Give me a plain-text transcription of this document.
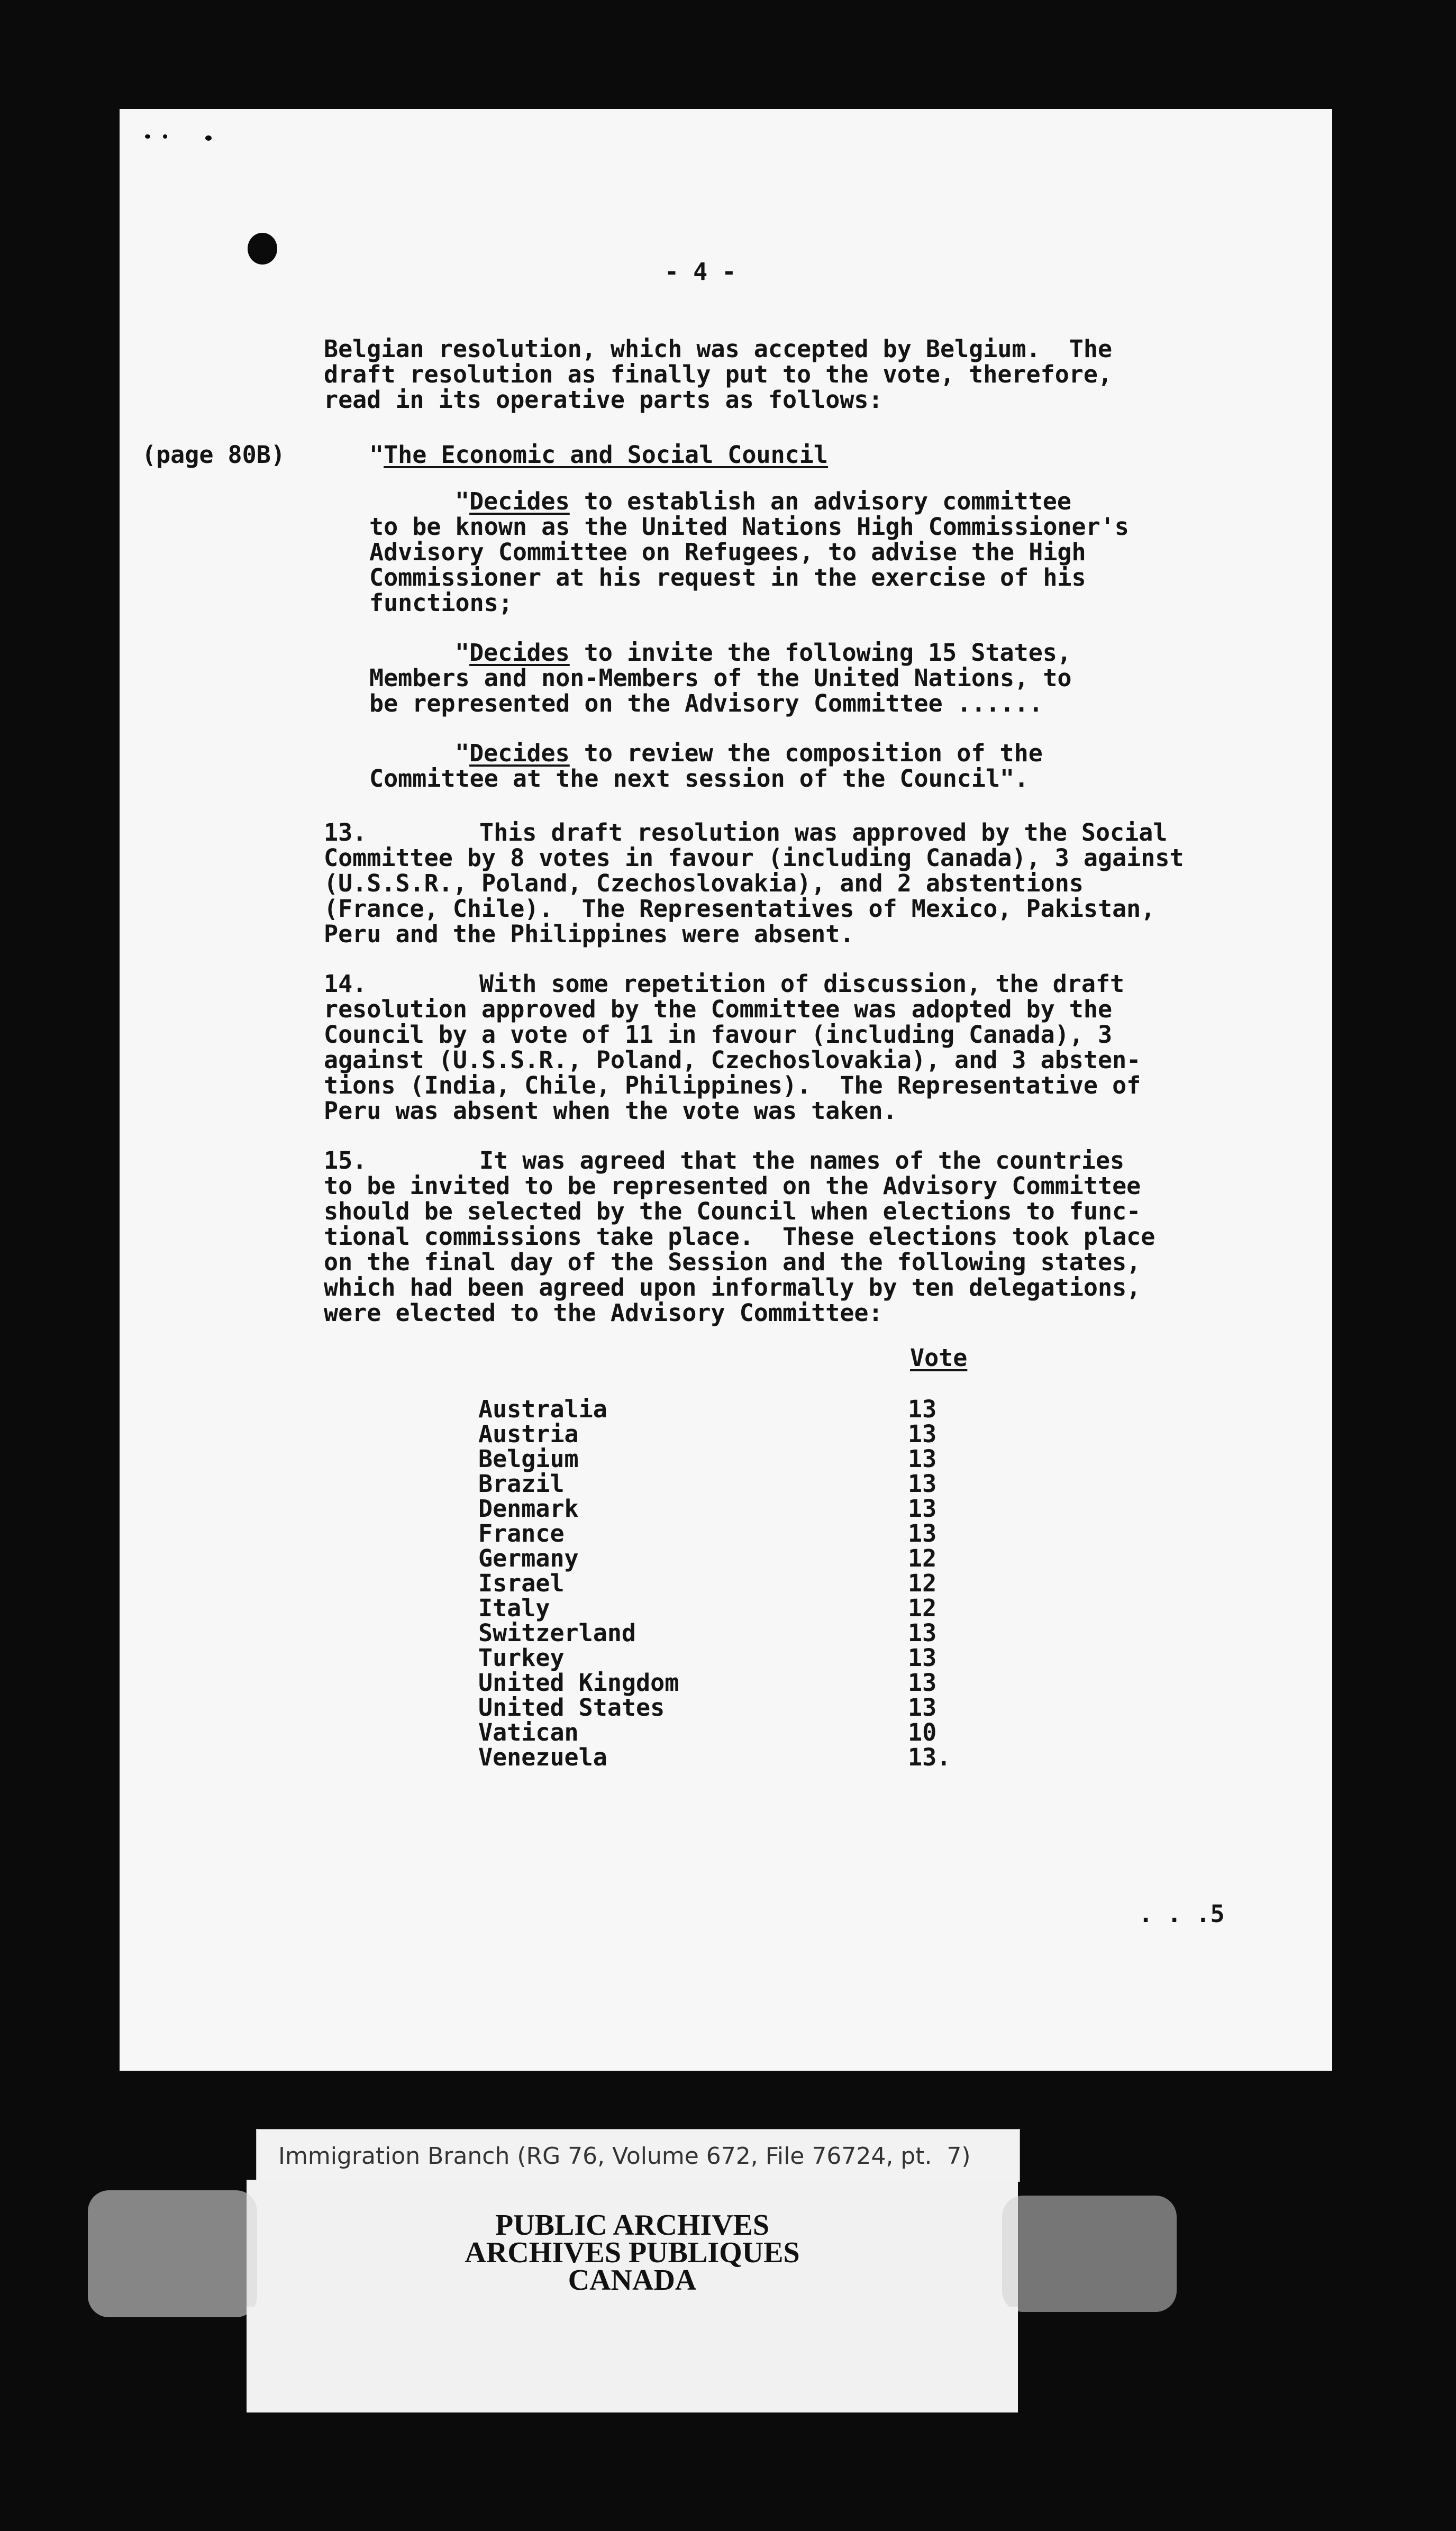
- 4 -
Belgian resolution, which was accepted by Belgium.  The
draft resolution as finally put to the vote, therefore,
read in its operative parts as follows:
(page 80B)	"The Economic and Social Council
"Decides to establish an advisory committee
to be known as the United Nations High Commissioner's
Advisory Committee on Refugees, to advise the High
Commissioner at his request in the exercise of his
functions;
"Decides to invite the following 15 States,
Members and non-Members of the United Nations, to
be represented on the Advisory Committee ......
"Decides to review the composition of the
Committee at the next session of the Council".
13.	This draft resolution was approved by the Social
Committee by 8 votes in favour (including Canada), 3 against
(U.S.S.R., Poland, Czechoslovakia), and 2 abstentions
(France, Chile).  The Representatives of Mexico, Pakistan,
Peru and the Philippines were absent.
14.	With some repetition of discussion, the draft
resolution approved by the Committee was adopted by the
Council by a vote of 11 in favour (including Canada), 3
against (U.S.S.R., Poland, Czechoslovakia), and 3 absten-
tions (India, Chile, Philippines).  The Representative of
Peru was absent when the vote was taken.
15.	It was agreed that the names of the countries
to be invited to be represented on the Advisory Committee
should be selected by the Council when elections to func-
tional commissions take place.  These elections took place
on the final day of the Session and the following states,
which had been agreed upon informally by ten delegations,
were elected to the Advisory Committee:
Vote
Australia	13
Austria	13
Belgium	13
Brazil	13
Denmark	13
France	13
Germany	12
Israel	12
Italy	12
Switzerland	13
Turkey	13
United Kingdom	13
United States	13
Vatican	10
Venezuela	13.
. . .5
Immigration Branch (RG 76, Volume 672, File 76724, pt.  7)
PUBLIC ARCHIVES
ARCHIVES PUBLIQUES
CANADA
